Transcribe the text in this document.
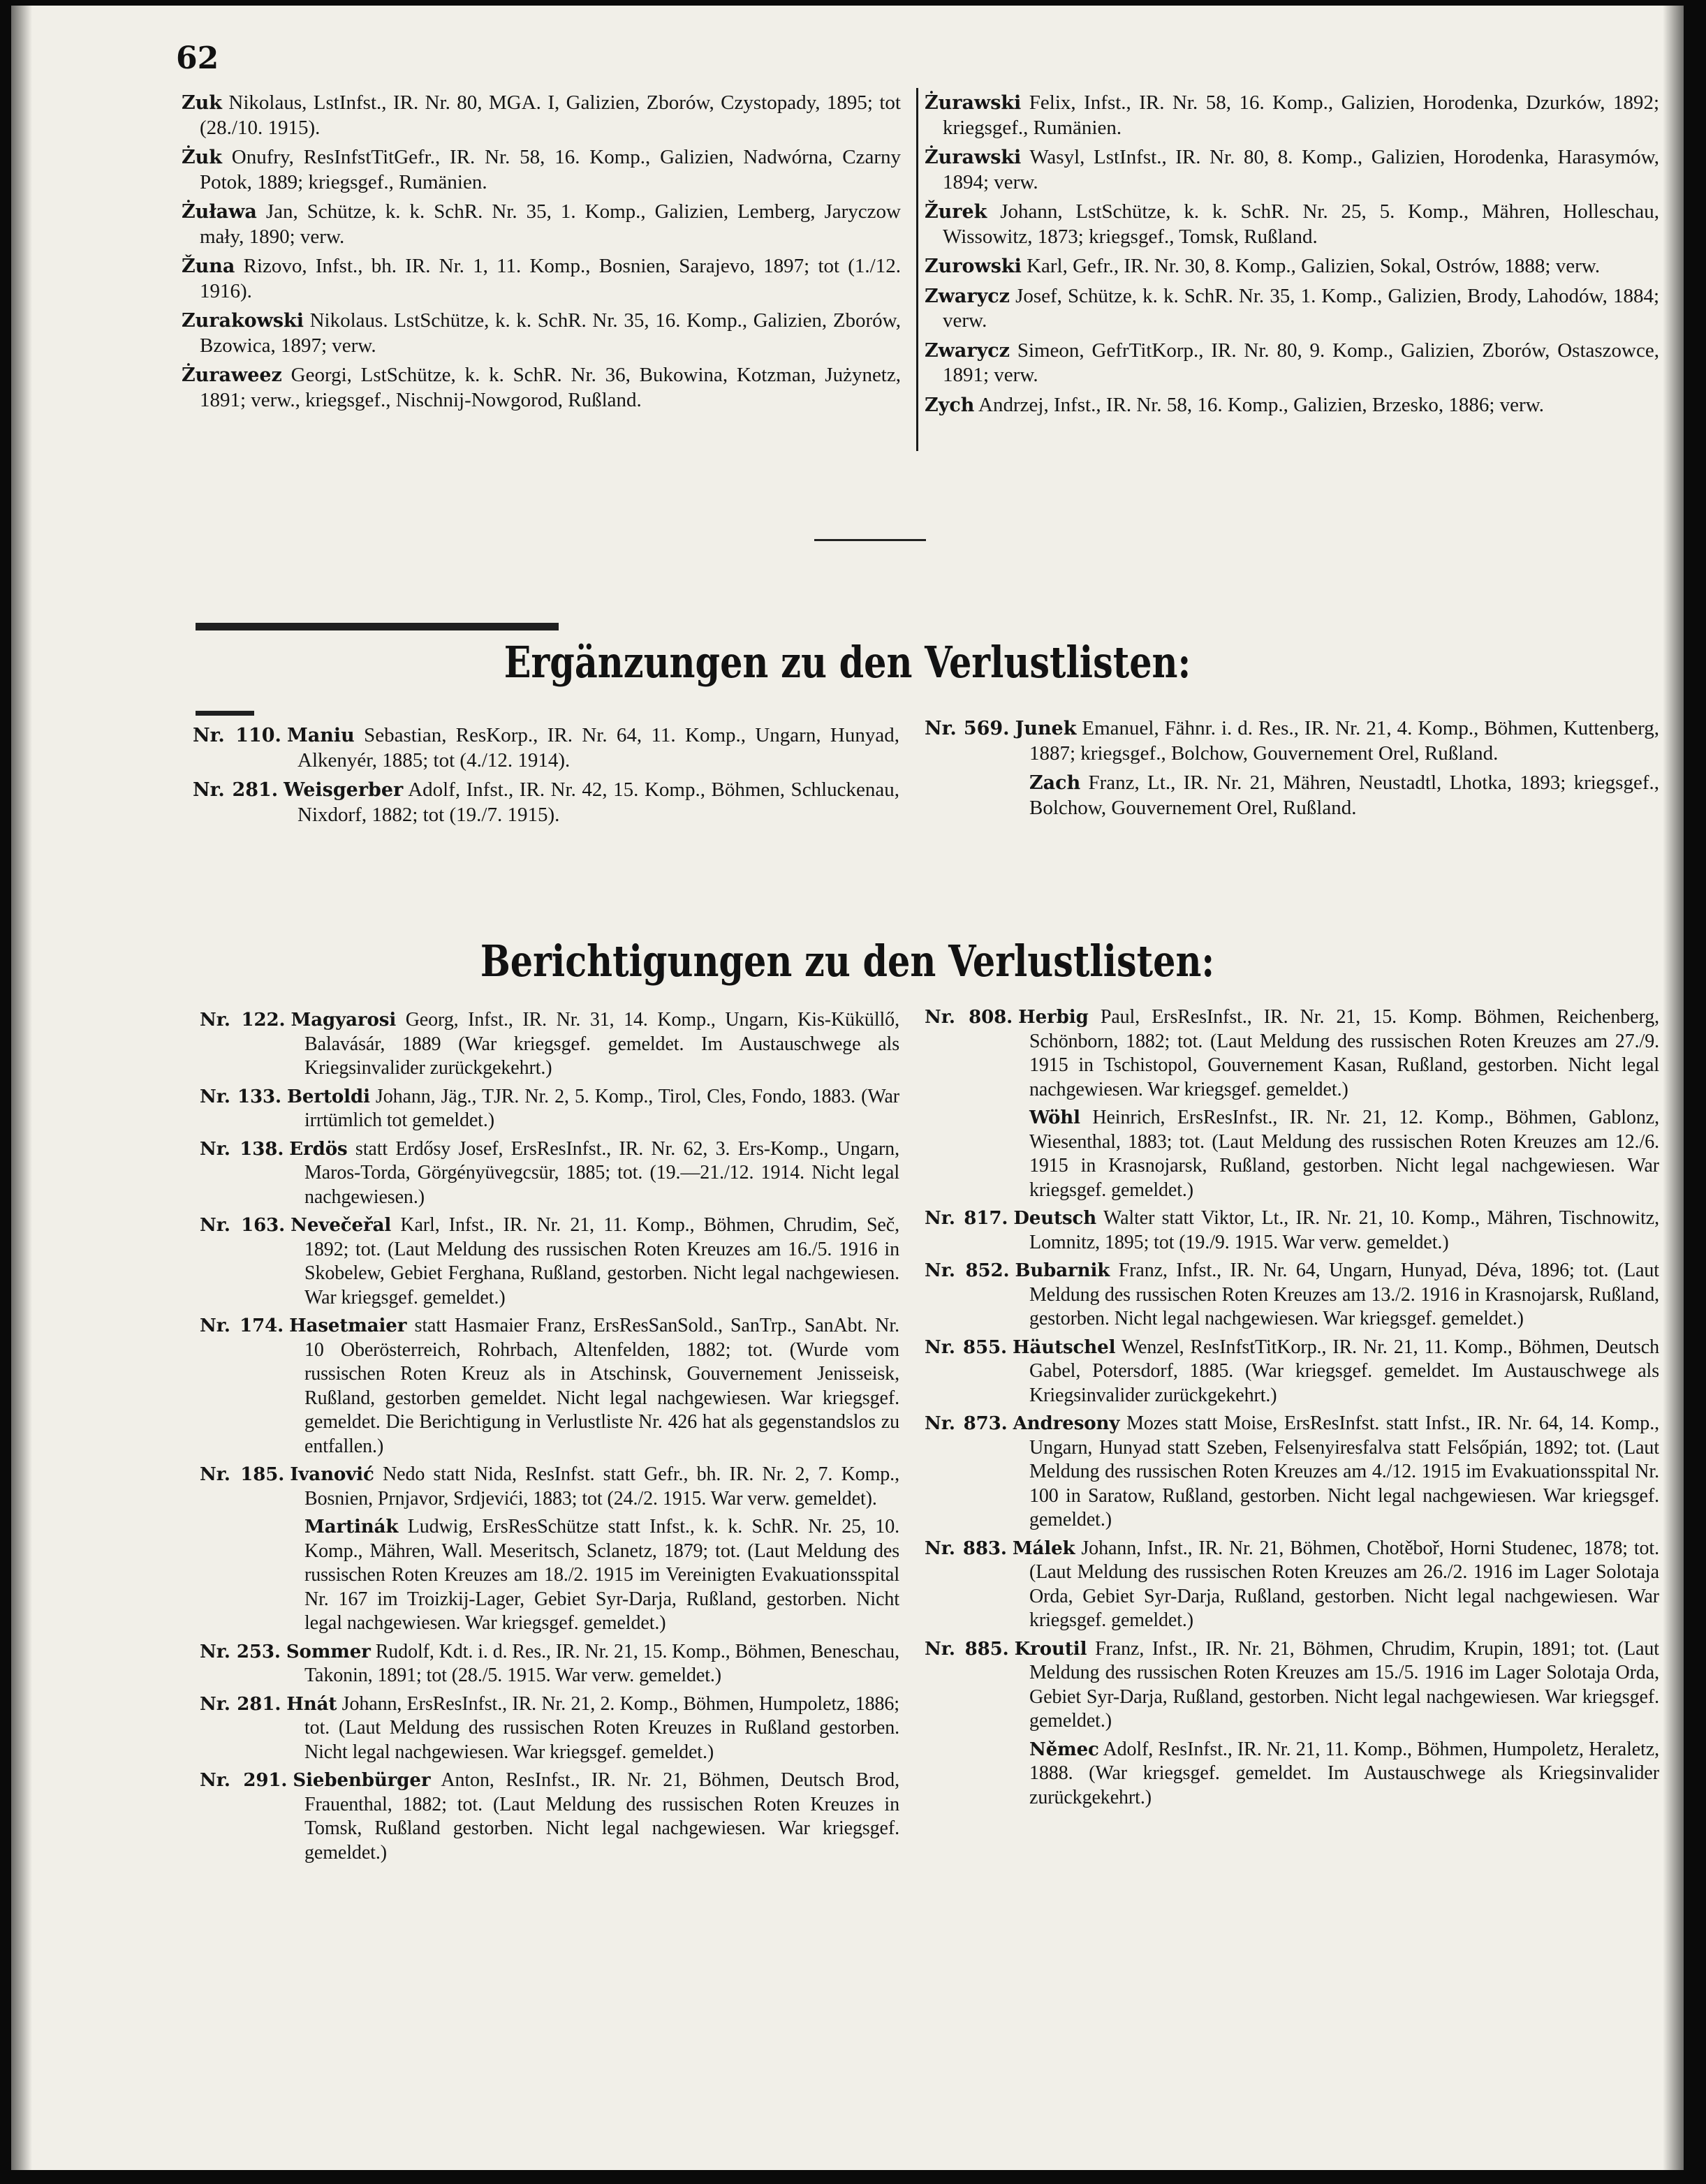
62

Zuk Nikolaus, LstInfst., IR. Nr. 80, MGA. I, Galizien, Zborów, Czystopady, 1895; tot (28./10. 1915).

Żuk Onufry, ResInfstTitGefr., IR. Nr. 58, 16. Komp., Galizien, Nadwórna, Czarny Potok, 1889; kriegsgef., Rumänien.

Żuława Jan, Schütze, k. k. SchR. Nr. 35, 1. Komp., Galizien, Lemberg, Jaryczow mały, 1890; verw.

Žuna Rizovo, Infst., bh. IR. Nr. 1, 11. Komp., Bosnien, Sarajevo, 1897; tot (1./12. 1916).

Zurakowski Nikolaus. LstSchütze, k. k. SchR. Nr. 35, 16. Komp., Galizien, Zborów, Bzowica, 1897; verw.

Żuraweez Georgi, LstSchütze, k. k. SchR. Nr. 36, Bukowina, Kotzman, Jużynetz, 1891; verw., kriegsgef., Nischnij-Nowgorod, Rußland.

Żurawski Felix, Infst., IR. Nr. 58, 16. Komp., Galizien, Horodenka, Dzurków, 1892; kriegsgef., Rumänien.

Żurawski Wasyl, LstInfst., IR. Nr. 80, 8. Komp., Galizien, Horodenka, Harasymów, 1894; verw.

Žurek Johann, LstSchütze, k. k. SchR. Nr. 25, 5. Komp., Mähren, Holleschau, Wissowitz, 1873; kriegsgef., Tomsk, Rußland.

Zurowski Karl, Gefr., IR. Nr. 30, 8. Komp., Galizien, Sokal, Ostrów, 1888; verw.

Zwarycz Josef, Schütze, k. k. SchR. Nr. 35, 1. Komp., Galizien, Brody, Lahodów, 1884; verw.

Zwarycz Simeon, GefrTitKorp., IR. Nr. 80, 9. Komp., Galizien, Zborów, Ostaszowce, 1891; verw.

Zych Andrzej, Infst., IR. Nr. 58, 16. Komp., Galizien, Brzesko, 1886; verw.

Ergänzungen zu den Verlustlisten:

Nr. 110. Maniu Sebastian, ResKorp., IR. Nr. 64, 11. Komp., Ungarn, Hunyad, Alkenyér, 1885; tot (4./12. 1914).

Nr. 281. Weisgerber Adolf, Infst., IR. Nr. 42, 15. Komp., Böhmen, Schluckenau, Nixdorf, 1882; tot (19./7. 1915).

Nr. 569. Junek Emanuel, Fähnr. i. d. Res., IR. Nr. 21, 4. Komp., Böhmen, Kuttenberg, 1887; kriegsgef., Bolchow, Gouvernement Orel, Rußland.

Zach Franz, Lt., IR. Nr. 21, Mähren, Neustadtl, Lhotka, 1893; kriegsgef., Bolchow, Gouvernement Orel, Rußland.

Berichtigungen zu den Verlustlisten:

Nr. 122. Magyarosi Georg, Infst., IR. Nr. 31, 14. Komp., Ungarn, Kis-Küküllő, Balavásár, 1889 (War kriegsgef. gemeldet. Im Austauschwege als Kriegsinvalider zurückgekehrt.)

Nr. 133. Bertoldi Johann, Jäg., TJR. Nr. 2, 5. Komp., Tirol, Cles, Fondo, 1883. (War irrtümlich tot gemeldet.)

Nr. 138. Erdös statt Erdősy Josef, ErsResInfst., IR. Nr. 62, 3. Ers-Komp., Ungarn, Maros-Torda, Görgényüvegcsür, 1885; tot. (19.—21./12. 1914. Nicht legal nachgewiesen.)

Nr. 163. Nevečeřal Karl, Infst., IR. Nr. 21, 11. Komp., Böhmen, Chrudim, Seč, 1892; tot. (Laut Meldung des russischen Roten Kreuzes am 16./5. 1916 in Skobelew, Gebiet Ferghana, Rußland, gestorben. Nicht legal nachgewiesen. War kriegsgef. gemeldet.)

Nr. 174. Hasetmaier statt Hasmaier Franz, ErsResSanSold., SanTrp., SanAbt. Nr. 10 Oberösterreich, Rohrbach, Altenfelden, 1882; tot. (Wurde vom russischen Roten Kreuz als in Atschinsk, Gouvernement Jenisseisk, Rußland, gestorben gemeldet. Nicht legal nachgewiesen. War kriegsgef. gemeldet. Die Berichtigung in Verlustliste Nr. 426 hat als gegenstandslos zu entfallen.)

Nr. 185. Ivanović Nedo statt Nida, ResInfst. statt Gefr., bh. IR. Nr. 2, 7. Komp., Bosnien, Prnjavor, Srdjevići, 1883; tot (24./2. 1915. War verw. gemeldet).

Martinák Ludwig, ErsResSchütze statt Infst., k. k. SchR. Nr. 25, 10. Komp., Mähren, Wall. Meseritsch, Sclanetz, 1879; tot. (Laut Meldung des russischen Roten Kreuzes am 18./2. 1915 im Vereinigten Evakuationsspital Nr. 167 im Troizkij-Lager, Gebiet Syr-Darja, Rußland, gestorben. Nicht legal nachgewiesen. War kriegsgef. gemeldet.)

Nr. 253. Sommer Rudolf, Kdt. i. d. Res., IR. Nr. 21, 15. Komp., Böhmen, Beneschau, Takonin, 1891; tot (28./5. 1915. War verw. gemeldet.)

Nr. 281. Hnát Johann, ErsResInfst., IR. Nr. 21, 2. Komp., Böhmen, Humpoletz, 1886; tot. (Laut Meldung des russischen Roten Kreuzes in Rußland gestorben. Nicht legal nachgewiesen. War kriegsgef. gemeldet.)

Nr. 291. Siebenbürger Anton, ResInfst., IR. Nr. 21, Böhmen, Deutsch Brod, Frauenthal, 1882; tot. (Laut Meldung des russischen Roten Kreuzes in Tomsk, Rußland gestorben. Nicht legal nachgewiesen. War kriegsgef. gemeldet.)

Nr. 808. Herbig Paul, ErsResInfst., IR. Nr. 21, 15. Komp. Böhmen, Reichenberg, Schönborn, 1882; tot. (Laut Meldung des russischen Roten Kreuzes am 27./9. 1915 in Tschistopol, Gouvernement Kasan, Rußland, gestorben. Nicht legal nachgewiesen. War kriegsgef. gemeldet.)

Wöhl Heinrich, ErsResInfst., IR. Nr. 21, 12. Komp., Böhmen, Gablonz, Wiesenthal, 1883; tot. (Laut Meldung des russischen Roten Kreuzes am 12./6. 1915 in Krasnojarsk, Rußland, gestorben. Nicht legal nachgewiesen. War kriegsgef. gemeldet.)

Nr. 817. Deutsch Walter statt Viktor, Lt., IR. Nr. 21, 10. Komp., Mähren, Tischnowitz, Lomnitz, 1895; tot (19./9. 1915. War verw. gemeldet.)

Nr. 852. Bubarnik Franz, Infst., IR. Nr. 64, Ungarn, Hunyad, Déva, 1896; tot. (Laut Meldung des russischen Roten Kreuzes am 13./2. 1916 in Krasnojarsk, Rußland, gestorben. Nicht legal nachgewiesen. War kriegsgef. gemeldet.)

Nr. 855. Häutschel Wenzel, ResInfstTitKorp., IR. Nr. 21, 11. Komp., Böhmen, Deutsch Gabel, Potersdorf, 1885. (War kriegsgef. gemeldet. Im Austauschwege als Kriegsinvalider zurückgekehrt.)

Nr. 873. Andresony Mozes statt Moise, ErsResInfst. statt Infst., IR. Nr. 64, 14. Komp., Ungarn, Hunyad statt Szeben, Felsenyiresfalva statt Felsőpián, 1892; tot. (Laut Meldung des russischen Roten Kreuzes am 4./12. 1915 im Evakuationsspital Nr. 100 in Saratow, Rußland, gestorben. Nicht legal nachgewiesen. War kriegsgef. gemeldet.)

Nr. 883. Málek Johann, Infst., IR. Nr. 21, Böhmen, Chotěboř, Horni Studenec, 1878; tot. (Laut Meldung des russischen Roten Kreuzes am 26./2. 1916 im Lager Solotaja Orda, Gebiet Syr-Darja, Rußland, gestorben. Nicht legal nachgewiesen. War kriegsgef. gemeldet.)

Nr. 885. Kroutil Franz, Infst., IR. Nr. 21, Böhmen, Chrudim, Krupin, 1891; tot. (Laut Meldung des russischen Roten Kreuzes am 15./5. 1916 im Lager Solotaja Orda, Gebiet Syr-Darja, Rußland, gestorben. Nicht legal nachgewiesen. War kriegsgef. gemeldet.)

Němec Adolf, ResInfst., IR. Nr. 21, 11. Komp., Böhmen, Humpoletz, Heraletz, 1888. (War kriegsgef. gemeldet. Im Austauschwege als Kriegsinvalider zurückgekehrt.)
